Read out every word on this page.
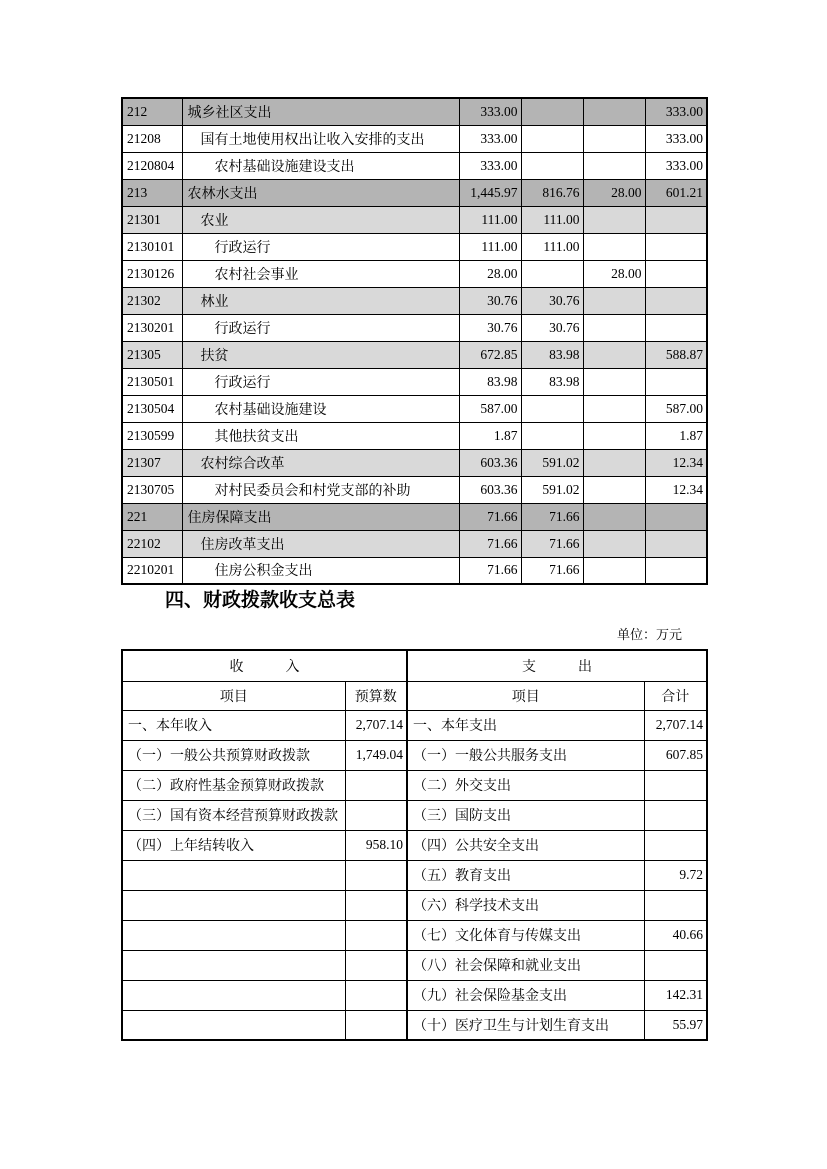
212	城乡社区支出	333.00			333.00
21208	国有土地使用权出让收入安排的支出	333.00			333.00
2120804	农村基础设施建设支出	333.00			333.00
213	农林水支出	1,445.97	816.76	28.00	601.21
21301	农业	111.00	111.00		
2130101	行政运行	111.00	111.00		
2130126	农村社会事业	28.00		28.00	
21302	林业	30.76	30.76		
2130201	行政运行	30.76	30.76		
21305	扶贫	672.85	83.98		588.87
2130501	行政运行	83.98	83.98		
2130504	农村基础设施建设	587.00			587.00
2130599	其他扶贫支出	1.87			1.87
21307	农村综合改革	603.36	591.02		12.34
2130705	对村民委员会和村党支部的补助	603.36	591.02		12.34
221	住房保障支出	71.66	71.66		
22102	住房改革支出	71.66	71.66		
2210201	住房公积金支出	71.66	71.66		
四、财政拨款收支总表
单位：万元
收　　　入		支　　　出	
项目	预算数	项目	合计
一、本年收入	2,707.14	一、本年支出	2,707.14
（一）一般公共预算财政拨款	1,749.04	（一）一般公共服务支出	607.85
（二）政府性基金预算财政拨款		（二）外交支出	
（三）国有资本经营预算财政拨款		（三）国防支出	
（四）上年结转收入	958.10	（四）公共安全支出	
		（五）教育支出	9.72
		（六）科学技术支出	
		（七）文化体育与传媒支出	40.66
		（八）社会保障和就业支出	
		（九）社会保险基金支出	142.31
		（十）医疗卫生与计划生育支出	55.97
